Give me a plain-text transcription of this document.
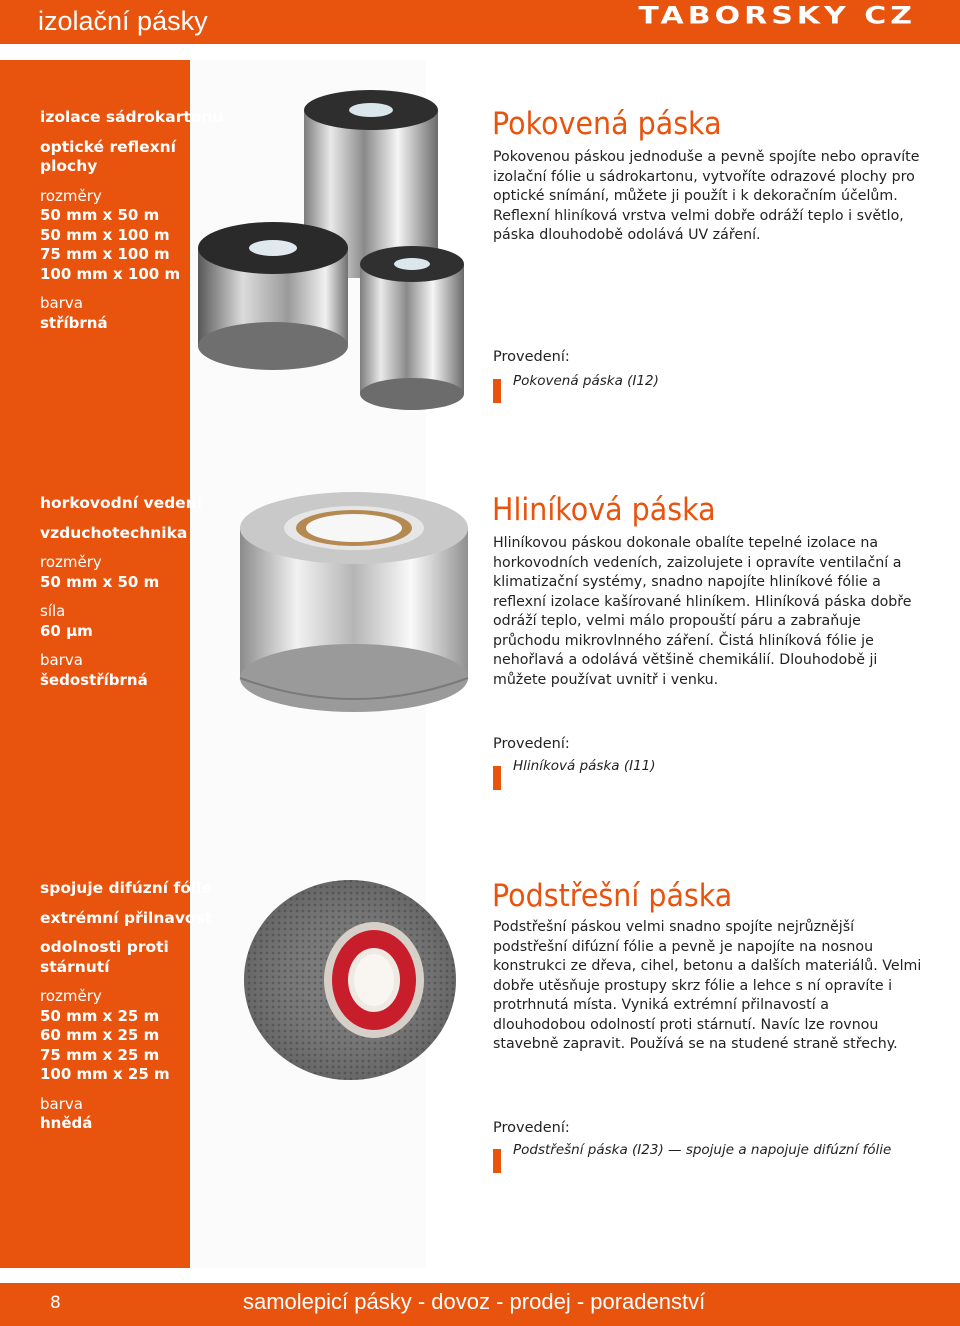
izolační pásky	TABORSKY CZ
izolace sádrokartonu
optické reflexní plochy
rozměry
50 mm x 50 m
50 mm x 100 m
75 mm x 100 m
100 mm x 100 m
barva
stříbrná
Pokovená páska
Pokovenou páskou jednoduše a pevně spojíte nebo opravíte izolační fólie u sádrokartonu, vytvoříte odrazové plochy pro optické snímání, můžete ji použít i k dekoračním účelům. Reflexní hliníková vrstva velmi dobře odráží teplo i světlo, páska dlouhodobě odolává UV záření.
Provedení:
Pokovená páska (I12)
horkovodní vedení
vzduchotechnika
rozměry
50 mm x 50 m
síla
60 µm
barva
šedostříbrná
Hliníková páska
Hliníkovou páskou dokonale obalíte tepelné izolace na horkovodních vedeních, zaizolujete i opravíte ventilační a klimatizační systémy, snadno napojíte hliníkové fólie a reflexní izolace kašírované hliníkem. Hliníková páska dobře odráží teplo, velmi málo propouští páru a zabraňuje průchodu mikrovlnného záření. Čistá hliníková fólie je nehořlavá a odolává většině chemikálií. Dlouhodobě ji můžete používat uvnitř i venku.
Provedení:
Hliníková páska (I11)
spojuje difúzní fólie
extrémní přilnavost
odolnosti proti stárnutí
rozměry
50 mm x 25 m
60 mm x 25 m
75 mm x 25 m
100 mm x 25 m
barva
hnědá
Podstřešní páska
Podstřešní páskou velmi snadno spojíte nejrůznější podstřešní difúzní fólie a pevně je napojíte na nosnou konstrukci ze dřeva, cihel, betonu a dalších materiálů. Velmi dobře utěsňuje prostupy skrz fólie a lehce s ní opravíte i protrhnutá místa. Vyniká extrémní přilnavostí a dlouhodobou odolností proti stárnutí. Navíc lze rovnou stavebně zapravit. Používá se na studené straně střechy.
Provedení:
Podstřešní páska (I23) — spojuje a napojuje difúzní fólie
8	samolepicí pásky - dovoz - prodej - poradenství
